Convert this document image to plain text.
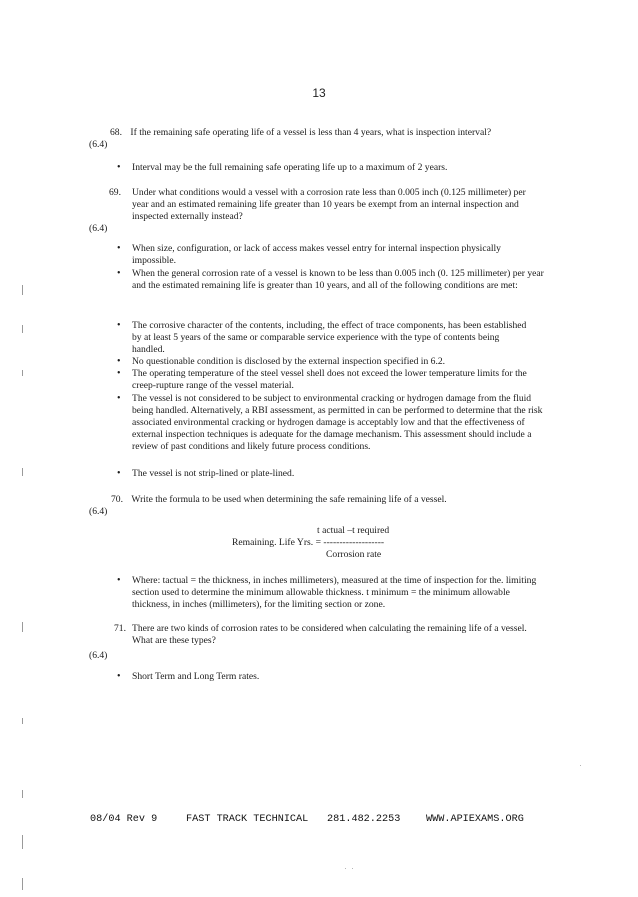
13
68. If the remaining safe operating life of a vessel is less than 4 years, what is inspection interval?
(6.4)
• Interval may be the full remaining safe operating life up to a maximum of 2 years.
69. Under what conditions would a vessel with a corrosion rate less than 0.005 inch (0.125 millimeter) per year and an estimated remaining life greater than 10 years be exempt from an internal inspection and inspected externally instead?
(6.4)
• When size, configuration, or lack of access makes vessel entry for internal inspection physically impossible.
• When the general corrosion rate of a vessel is known to be less than 0.005 inch (0. 125 millimeter) per year and the estimated remaining life is greater than 10 years, and all of the following conditions are met:
• The corrosive character of the contents, including, the effect of trace components, has been established by at least 5 years of the same or comparable service experience with the type of contents being handled.
• No questionable condition is disclosed by the external inspection specified in 6.2.
• The operating temperature of the steel vessel shell does not exceed the lower temperature limits for the creep-rupture range of the vessel material.
• The vessel is not considered to be subject to environmental cracking or hydrogen damage from the fluid being handled. Alternatively, a RBI assessment, as permitted in can be performed to determine that the risk associated environmental cracking or hydrogen damage is acceptably low and that the effectiveness of external inspection techniques is adequate for the damage mechanism. This assessment should include a review of past conditions and likely future process conditions.
• The vessel is not strip-lined or plate-lined.
70. Write the formula to be used when determining the safe remaining life of a vessel.
(6.4)
t actual –t required
Remaining. Life Yrs. = -------------------
Corrosion rate
• Where: tactual = the thickness, in inches millimeters), measured at the time of inspection for the. limiting section used to determine the minimum allowable thickness. t minimum = the minimum allowable thickness, in inches (millimeters), for the limiting section or zone.
71. There are two kinds of corrosion rates to be considered when calculating the remaining life of a vessel. What are these types?
(6.4)
• Short Term and Long Term rates.
08/04 Rev 9	FAST TRACK TECHNICAL 281.482.2253	WWW.APIEXAMS.ORG
